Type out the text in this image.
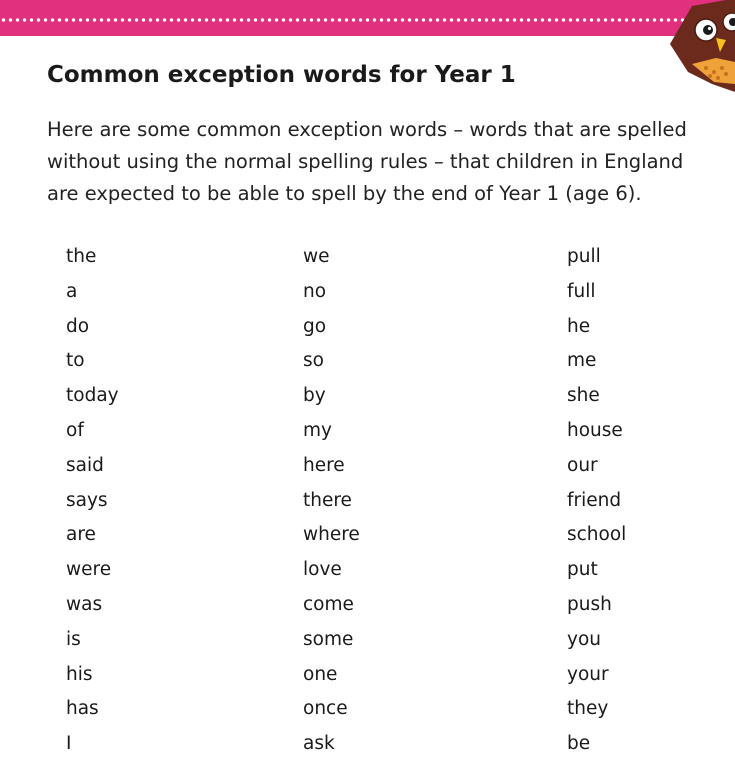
Common exception words for Year 1

Here are some common exception words – words that are spelled
without using the normal spelling rules – that children in England
are expected to be able to spell by the end of Year 1 (age 6).

the
a
do
to
today
of
said
says
are
were
was
is
his
has
I
we
no
go
so
by
my
here
there
where
love
come
some
one
once
ask
pull
full
he
me
she
house
our
friend
school
put
push
you
your
they
be
